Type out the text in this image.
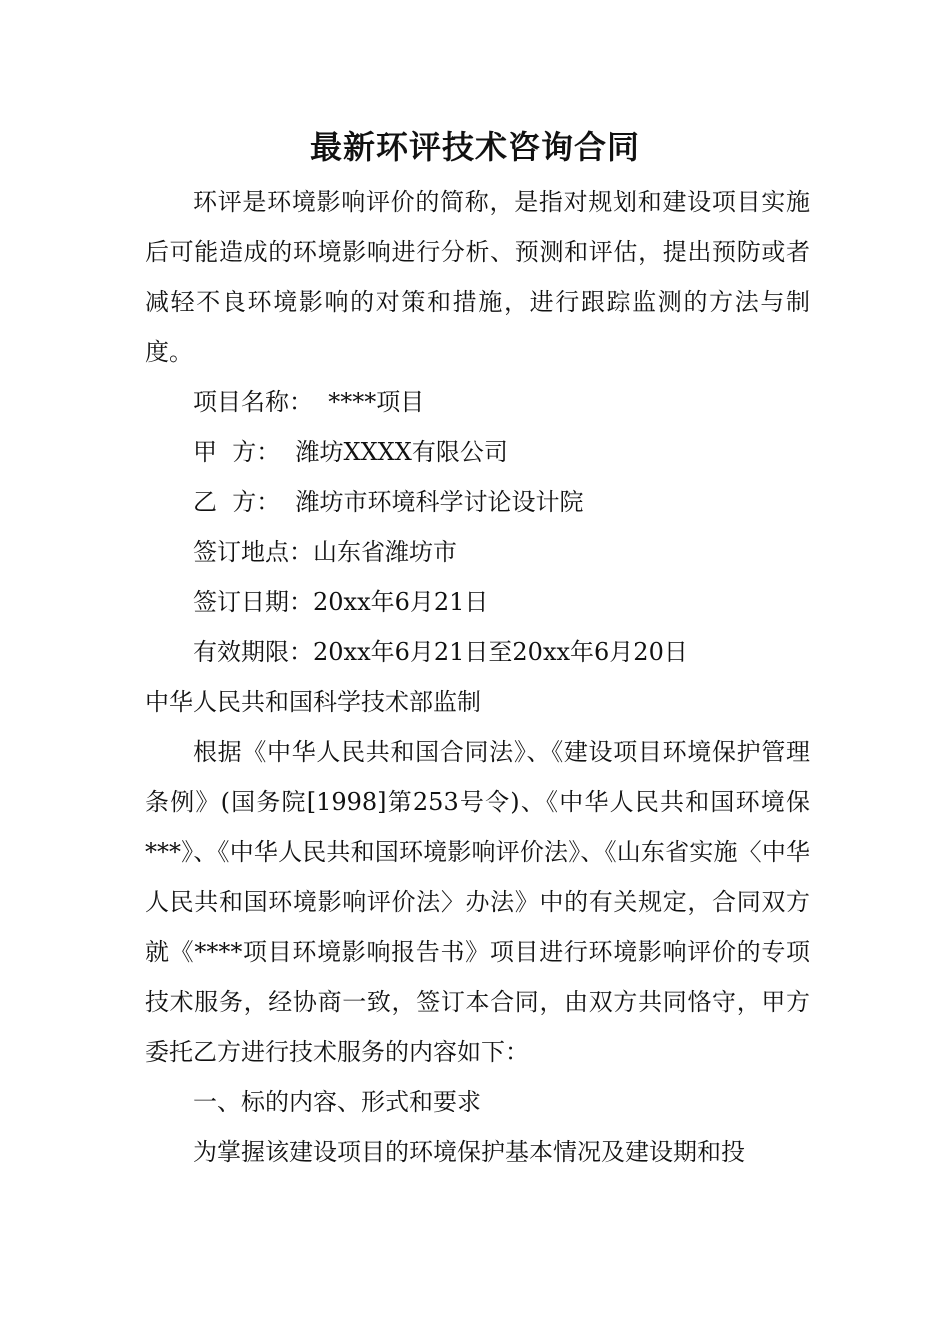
最新环评技术咨询合同

环评是环境影响评价的简称，是指对规划和建设项目实施后可能造成的环境影响进行分析、预测和评估，提出预防或者减轻不良环境影响的对策和措施，进行跟踪监测的方法与制度。

项目名称：  ****项目

甲  方：  潍坊XXXX有限公司

乙  方：  潍坊市环境科学讨论设计院

签订地点：山东省潍坊市

签订日期：20xx年6月21日

有效期限：20xx年6月21日至20xx年6月20日

中华人民共和国科学技术部监制

根据《中华人民共和国合同法》、《建设项目环境保护管理条例》(国务院[1998]第253号令)、《中华人民共和国环境保***》、《中华人民共和国环境影响评价法》、《山东省实施〈中华人民共和国环境影响评价法〉办法》中的有关规定，合同双方就《****项目环境影响报告书》项目进行环境影响评价的专项技术服务，经协商一致，签订本合同，由双方共同恪守，甲方委托乙方进行技术服务的内容如下：

一、标的内容、形式和要求

为掌握该建设项目的环境保护基本情况及建设期和投
